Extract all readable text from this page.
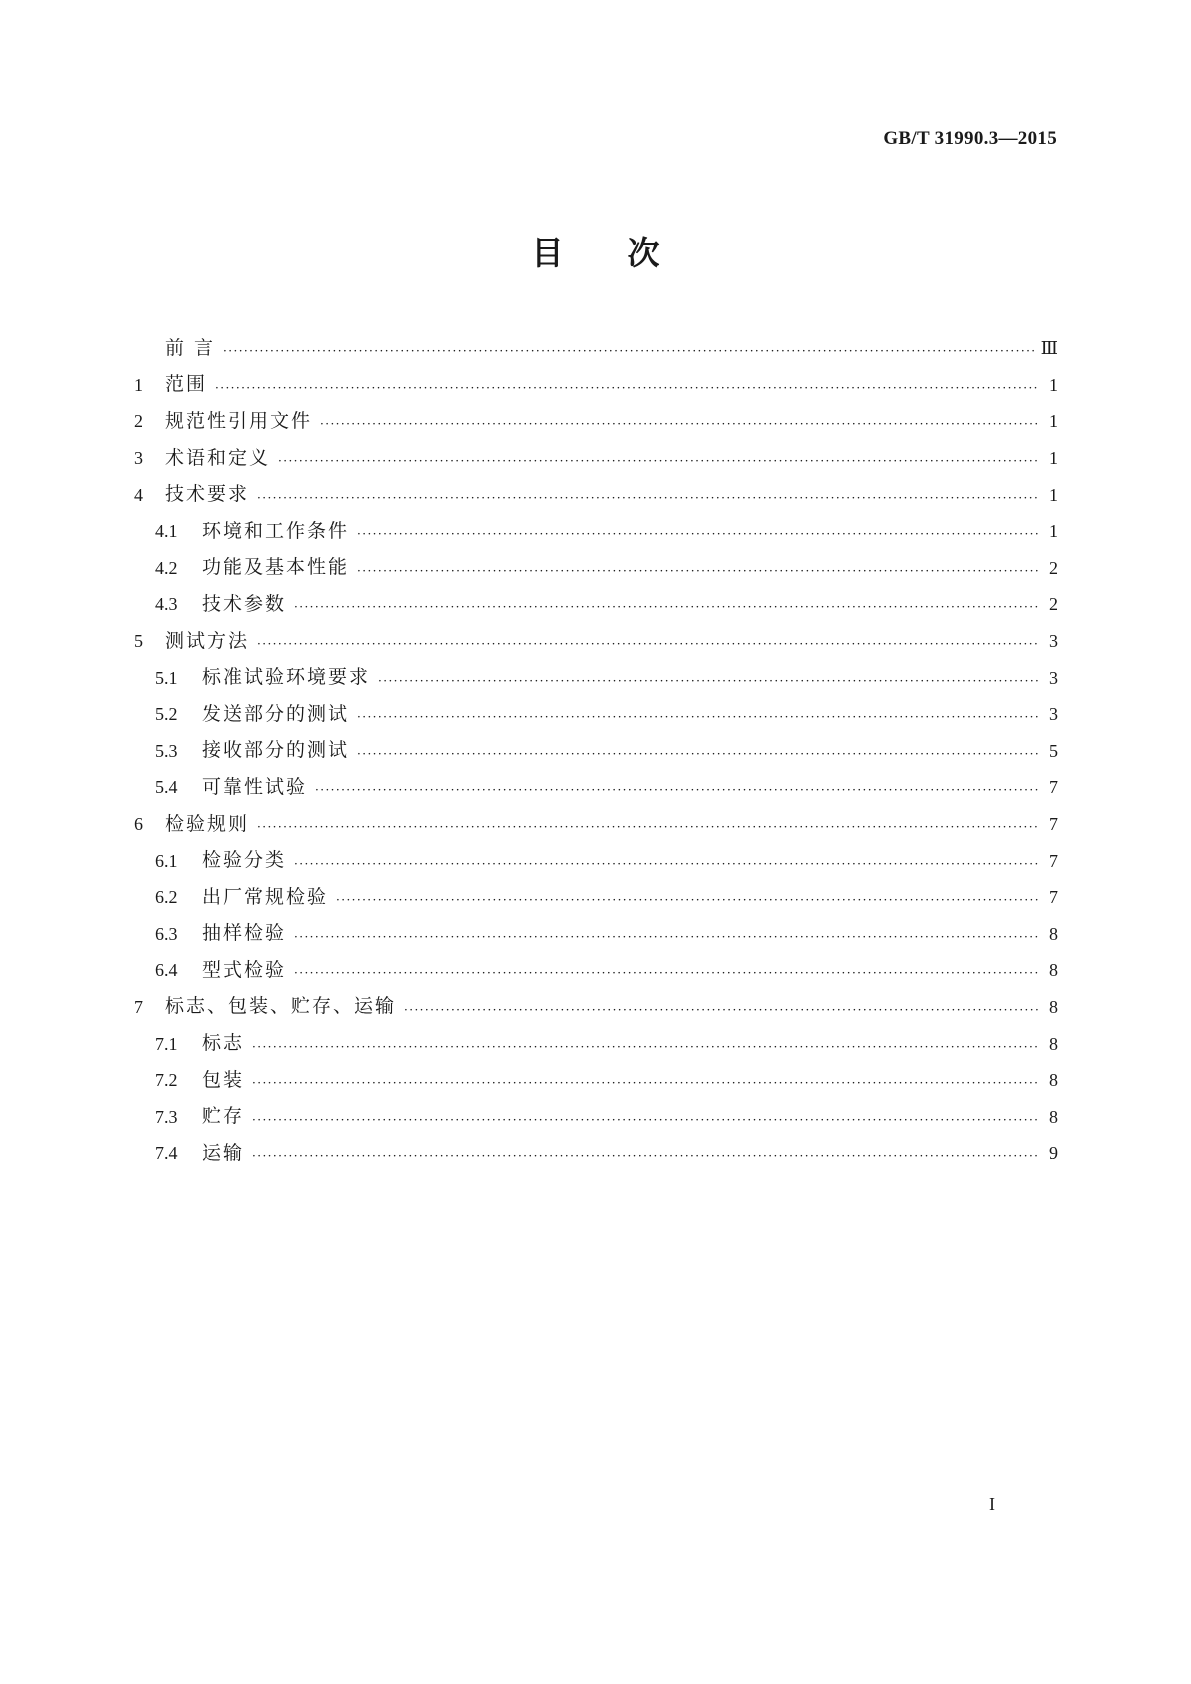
GB/T 31990.3—2015
目 次
前 言 ·····	Ⅲ
1	范围 ·····	1
2	规范性引用文件 ·····	1
3	术语和定义 ·····	1
4	技术要求 ·····	1
4.1	环境和工作条件 ·····	1
4.2	功能及基本性能 ·····	2
4.3	技术参数 ·····	2
5	测试方法 ·····	3
5.1	标准试验环境要求 ·····	3
5.2	发送部分的测试 ·····	3
5.3	接收部分的测试 ·····	5
5.4	可靠性试验 ·····	7
6	检验规则 ·····	7
6.1	检验分类 ·····	7
6.2	出厂常规检验 ·····	7
6.3	抽样检验 ·····	8
6.4	型式检验 ·····	8
7	标志、包装、贮存、运输 ·····	8
7.1	标志 ·····	8
7.2	包装 ·····	8
7.3	贮存 ·····	8
7.4	运输 ·····	9
I
